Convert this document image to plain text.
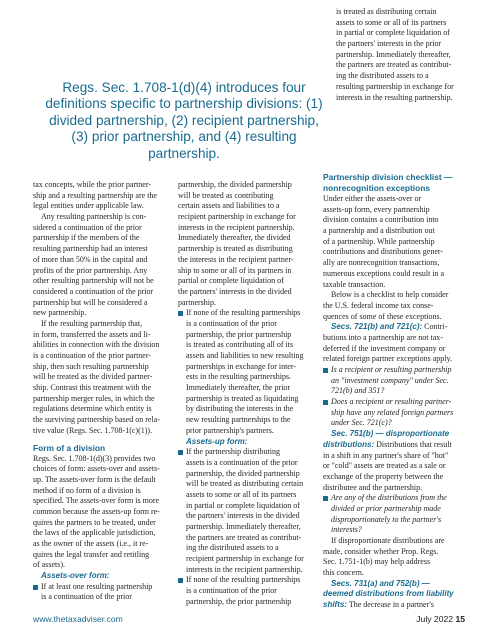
Regs. Sec. 1.708-1(d)(4) introduces four
definitions specific to partnership divisions: (1)
divided partnership, (2) recipient partnership,
(3) prior partnership, and (4) resulting
partnership.
is treated as distributing certain
assets to some or all of its partners
in partial or complete liquidation of
the partners' interests in the prior
partnership. Immediately thereafter,
the partners are treated as contribut-
ing the distributed assets to a
resulting partnership in exchange for
interests in the resulting partnership.
tax concepts, while the prior partner-
ship and a resulting partnership are the
legal entities under applicable law.
Any resulting partnership is con-
sidered a continuation of the prior
partnership if the members of the
resulting partnership had an interest
of more than 50% in the capital and
profits of the prior partnership. Any
other resulting partnership will not be
considered a continuation of the prior
partnership but will be considered a
new partnership.
If the resulting partnership that,
in form, transferred the assets and li-
abilities in connection with the division
is a continuation of the prior partner-
ship, then such resulting partnership
will be treated as the divided partner-
ship. Contrast this treatment with the
partnership merger rules, in which the
regulations determine which entity is
the surviving partnership based on rela-
tive value (Regs. Sec. 1.708-1(c)(1)).
Form of a division
Regs. Sec. 1.708-1(d)(3) provides two
choices of form: assets-over and assets-
up. The assets-over form is the default
method if no form of a division is
specified. The assets-over form is more
common because the assets-up form re-
quires the partners to be treated, under
the laws of the applicable jurisdiction,
as the owner of the assets (i.e., it re-
quires the legal transfer and retitling
of assets).
Assets-over form:
If at least one resulting partnership
is a continuation of the prior
partnership, the divided partnership
will be treated as contributing
certain assets and liabilities to a
recipient partnership in exchange for
interests in the recipient partnership.
Immediately thereafter, the divided
partnership is treated as distributing
the interests in the recipient partner-
ship to some or all of its partners in
partial or complete liquidation of
the partners' interests in the divided
partnership.
If none of the resulting partnerships
is a continuation of the prior
partnership, the prior partnership
is treated as contributing all of its
assets and liabilities to new resulting
partnerships in exchange for inter-
ests in the resulting partnerships.
Immediately thereafter, the prior
partnership is treated as liquidating
by distributing the interests in the
new resulting partnerships to the
prior partnership's partners.
Assets-up form:
If the partnership distributing
assets is a continuation of the prior
partnership, the divided partnership
will be treated as distributing certain
assets to some or all of its partners
in partial or complete liquidation of
the partners' interests in the divided
partnership. Immediately thereafter,
the partners are treated as contribut-
ing the distributed assets to a
recipient partnership in exchange for
interests in the recipient partnership.
If none of the resulting partnerships
is a continuation of the prior
partnership, the prior partnership
Partnership division checklist —
nonrecognition exceptions
Under either the assets-over or
assets-up form, every partnership
division contains a contribution into
a partnership and a distribution out
of a partnership. While partnership
contributions and distributions gener-
ally are nonrecognition transactions,
numerous exceptions could result in a
taxable transaction.
Below is a checklist to help consider
the U.S. federal income tax conse-
quences of some of these exceptions.
Secs. 721(b) and 721(c): Contri-
butions into a partnership are not tax-
deferred if the investment company or
related foreign partner exceptions apply.
Is a recipient or resulting partnership
an "investment company" under Sec.
721(b) and 351?
Does a recipient or resulting partner-
ship have any related foreign partners
under Sec. 721(c)?
Sec. 751(b) — disproportionate
distributions: Distributions that result
in a shift in any partner's share of "hot"
or "cold" assets are treated as a sale or
exchange of the property between the
distributee and the partnership.
Are any of the distributions from the
divided or prior partnership made
disproportionately to the partner's
interests?
If disproportionate distributions are
made, consider whether Prop. Regs.
Sec. 1.751-1(b) may help address
this concern.
Secs. 731(a) and 752(b) —
deemed distributions from liability
shifts: The decrease in a partner's
www.thetaxadviser.com	July 2022 15
